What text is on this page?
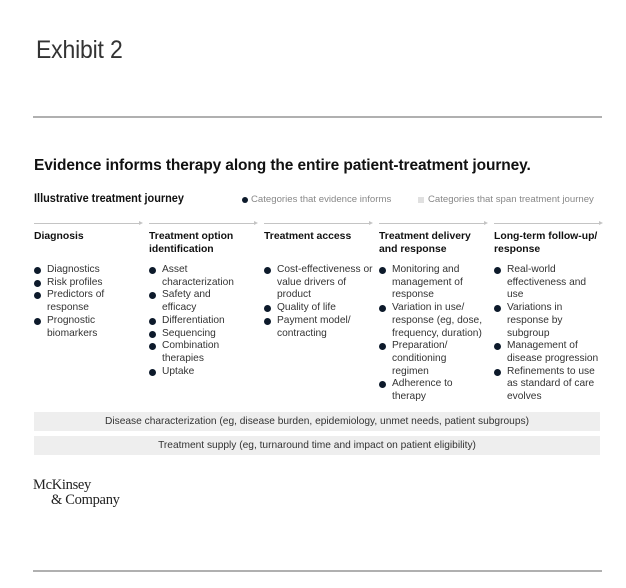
Exhibit 2
Evidence informs therapy along the entire patient-treatment journey.
Illustrative treatment journey	Categories that evidence informs	Categories that span treatment journey
Diagnosis
Diagnostics
Risk profiles
Predictors of response
Prognostic biomarkers
Treatment option identification
Asset characterization
Safety and efficacy
Differentiation
Sequencing
Combination therapies
Uptake
Treatment access
Cost-effectiveness or value drivers of product
Quality of life
Payment model/ contracting
Treatment delivery and response
Monitoring and management of response
Variation in use/ response (eg, dose, frequency, duration)
Preparation/ conditioning regimen
Adherence to therapy
Long-term follow-up/ response
Real-world effectiveness and use
Variations in response by subgroup
Management of disease progression
Refinements to use as standard of care evolves
Disease characterization (eg, disease burden, epidemiology, unmet needs, patient subgroups)
Treatment supply (eg, turnaround time and impact on patient eligibility)
McKinsey
& Company
